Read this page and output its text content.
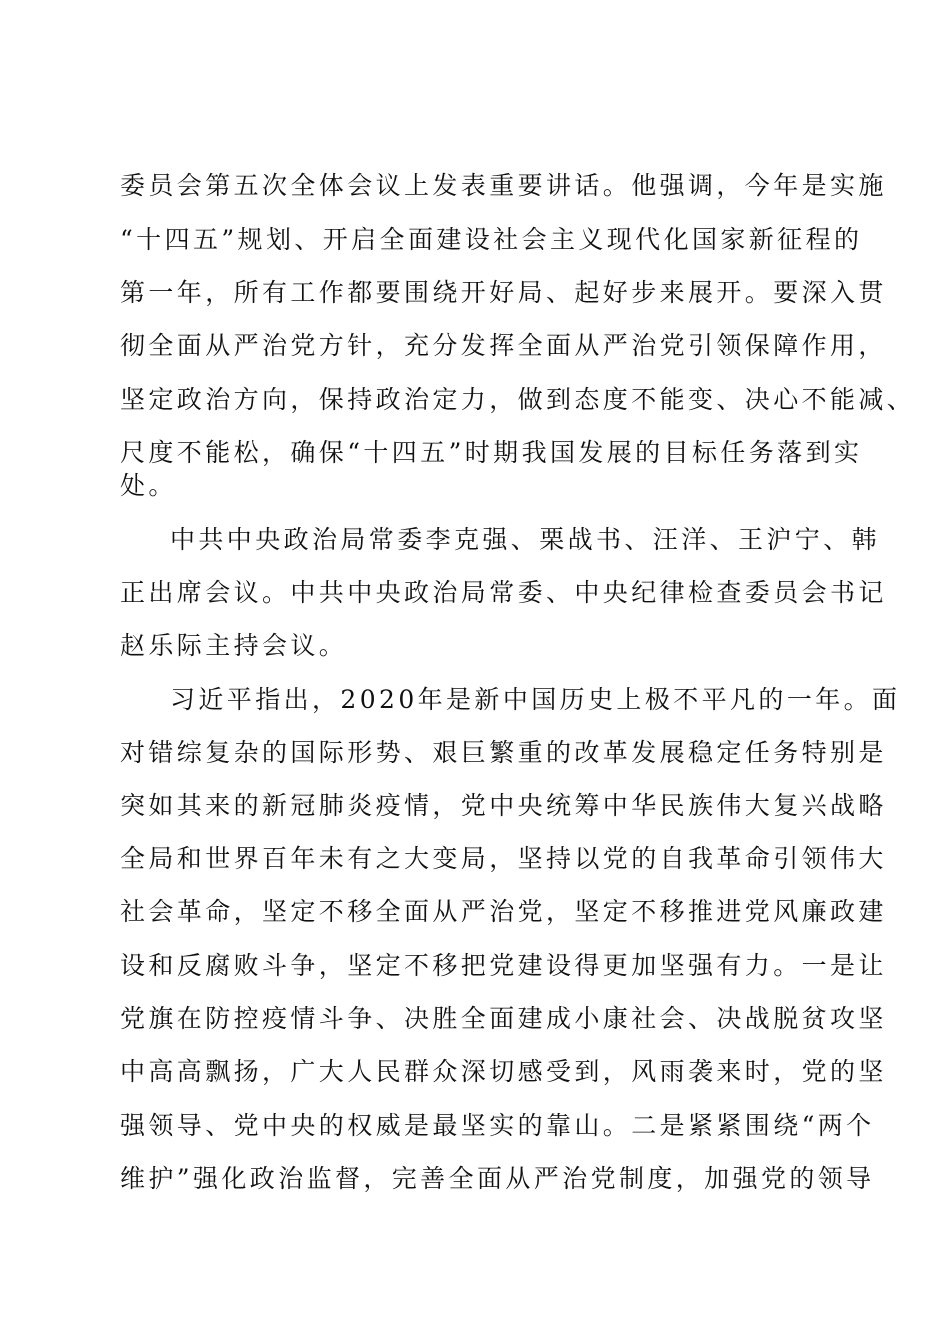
委员会第五次全体会议上发表重要讲话。他强调，今年是实施
“十四五”规划、开启全面建设社会主义现代化国家新征程的
第一年，所有工作都要围绕开好局、起好步来展开。要深入贯
彻全面从严治党方针，充分发挥全面从严治党引领保障作用，
坚定政治方向，保持政治定力，做到态度不能变、决心不能减、
尺度不能松，确保“十四五”时期我国发展的目标任务落到实
处。
中共中央政治局常委李克强、栗战书、汪洋、王沪宁、韩
正出席会议。中共中央政治局常委、中央纪律检查委员会书记
赵乐际主持会议。
习近平指出，2020年是新中国历史上极不平凡的一年。面
对错综复杂的国际形势、艰巨繁重的改革发展稳定任务特别是
突如其来的新冠肺炎疫情，党中央统筹中华民族伟大复兴战略
全局和世界百年未有之大变局，坚持以党的自我革命引领伟大
社会革命，坚定不移全面从严治党，坚定不移推进党风廉政建
设和反腐败斗争，坚定不移把党建设得更加坚强有力。一是让
党旗在防控疫情斗争、决胜全面建成小康社会、决战脱贫攻坚
中高高飘扬，广大人民群众深切感受到，风雨袭来时，党的坚
强领导、党中央的权威是最坚实的靠山。二是紧紧围绕“两个
维护”强化政治监督，完善全面从严治党制度，加强党的领导
